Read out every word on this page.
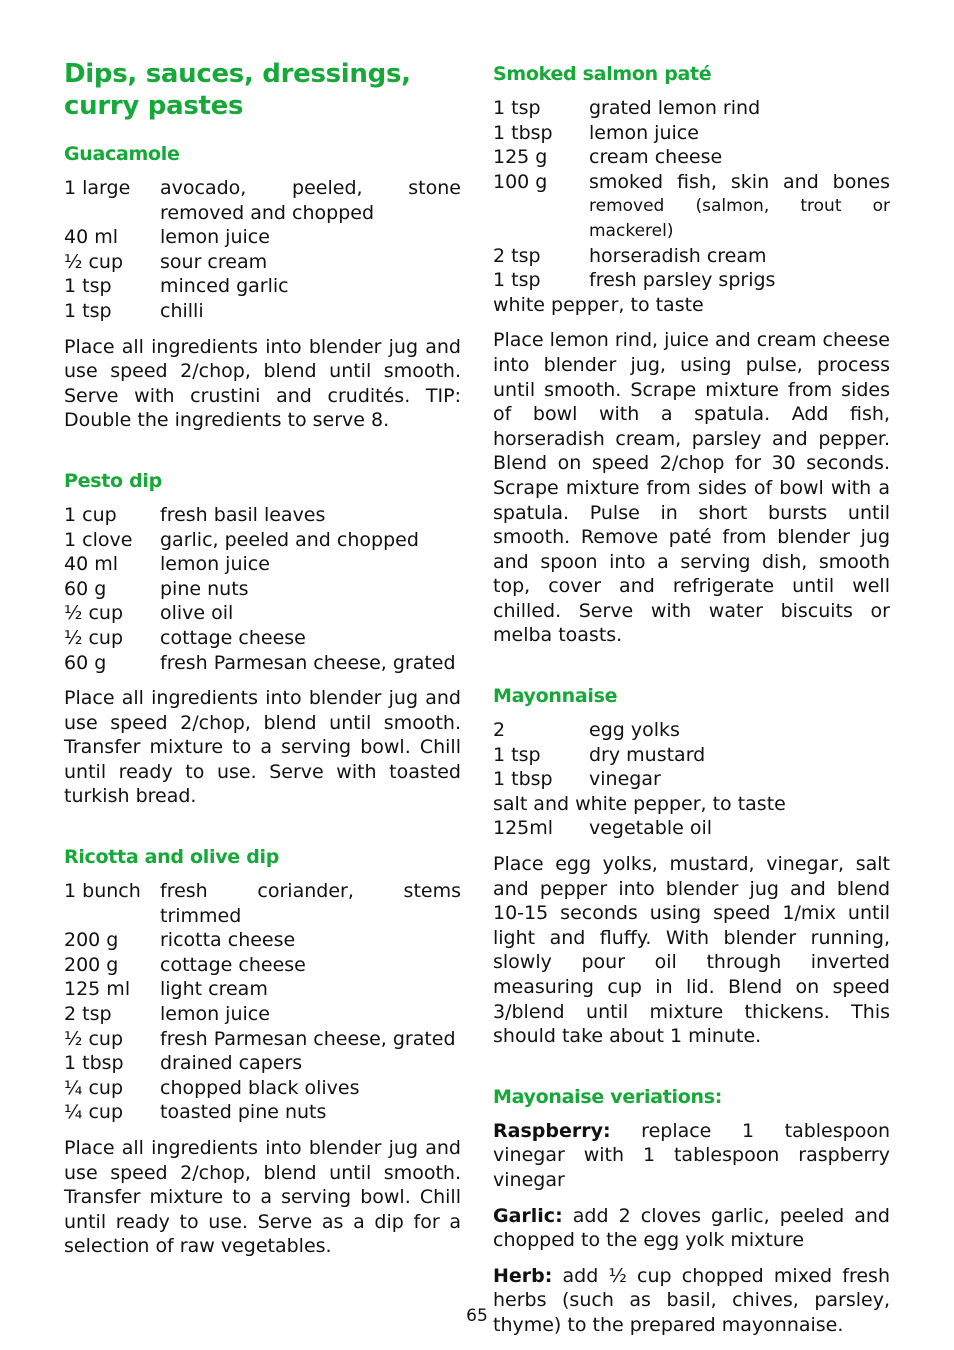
Dips, sauces, dressings, curry pastes
Guacamole
1 large	avocado, peeled, stone removed and chopped
40 ml	lemon juice
½ cup	sour cream
1 tsp	minced garlic
1 tsp	chilli

Place all ingredients into blender jug and use speed 2/chop, blend until smooth. Serve with crustini and crudités. TIP: Double the ingredients to serve 8.

Pesto dip
1 cup	fresh basil leaves
1 clove	garlic, peeled and chopped
40 ml	lemon juice
60 g	pine nuts
½ cup	olive oil
½ cup	cottage cheese
60 g	fresh Parmesan cheese, grated

Place all ingredients into blender jug and use speed 2/chop, blend until smooth. Transfer mixture to a serving bowl. Chill until ready to use. Serve with toasted turkish bread.

Ricotta and olive dip
1 bunch	fresh coriander, stems trimmed
200 g	ricotta cheese
200 g	cottage cheese
125 ml	light cream
2 tsp	lemon juice
½ cup	fresh Parmesan cheese, grated
1 tbsp	drained capers
¼ cup	chopped black olives
¼ cup	toasted pine nuts

Place all ingredients into blender jug and use speed 2/chop, blend until smooth. Transfer mixture to a serving bowl. Chill until ready to use. Serve as a dip for a selection of raw vegetables.

Smoked salmon paté
1 tsp	grated lemon rind
1 tbsp	lemon juice
125 g	cream cheese
100 g	smoked fish, skin and bones
	removed (salmon, trout or mackerel)
2 tsp	horseradish cream
1 tsp	fresh parsley sprigs
white pepper, to taste	

Place lemon rind, juice and cream cheese into blender jug, using pulse, process until smooth. Scrape mixture from sides of bowl with a spatula. Add fish, horseradish cream, parsley and pepper. Blend on speed 2/chop for 30 seconds. Scrape mixture from sides of bowl with a spatula. Pulse in short bursts until smooth. Remove paté from blender jug and spoon into a serving dish, smooth top, cover and refrigerate until well chilled. Serve with water biscuits or melba toasts.

Mayonnaise
2	egg yolks
1 tsp	dry mustard
1 tbsp	vinegar
salt and white pepper, to taste	
125ml	vegetable oil

Place egg yolks, mustard, vinegar, salt and pepper into blender jug and blend 10-15 seconds using speed 1/mix until light and fluffy. With blender running, slowly pour oil through inverted measuring cup in lid. Blend on speed 3/blend until mixture thickens. This should take about 1 minute.

Mayonaise veriations:

Raspberry: replace 1 tablespoon vinegar with 1 tablespoon raspberry vinegar

Garlic: add 2 cloves garlic, peeled and chopped to the egg yolk mixture

Herb: add ½ cup chopped mixed fresh herbs (such as basil, chives, parsley, thyme) to the prepared mayonnaise.

65
